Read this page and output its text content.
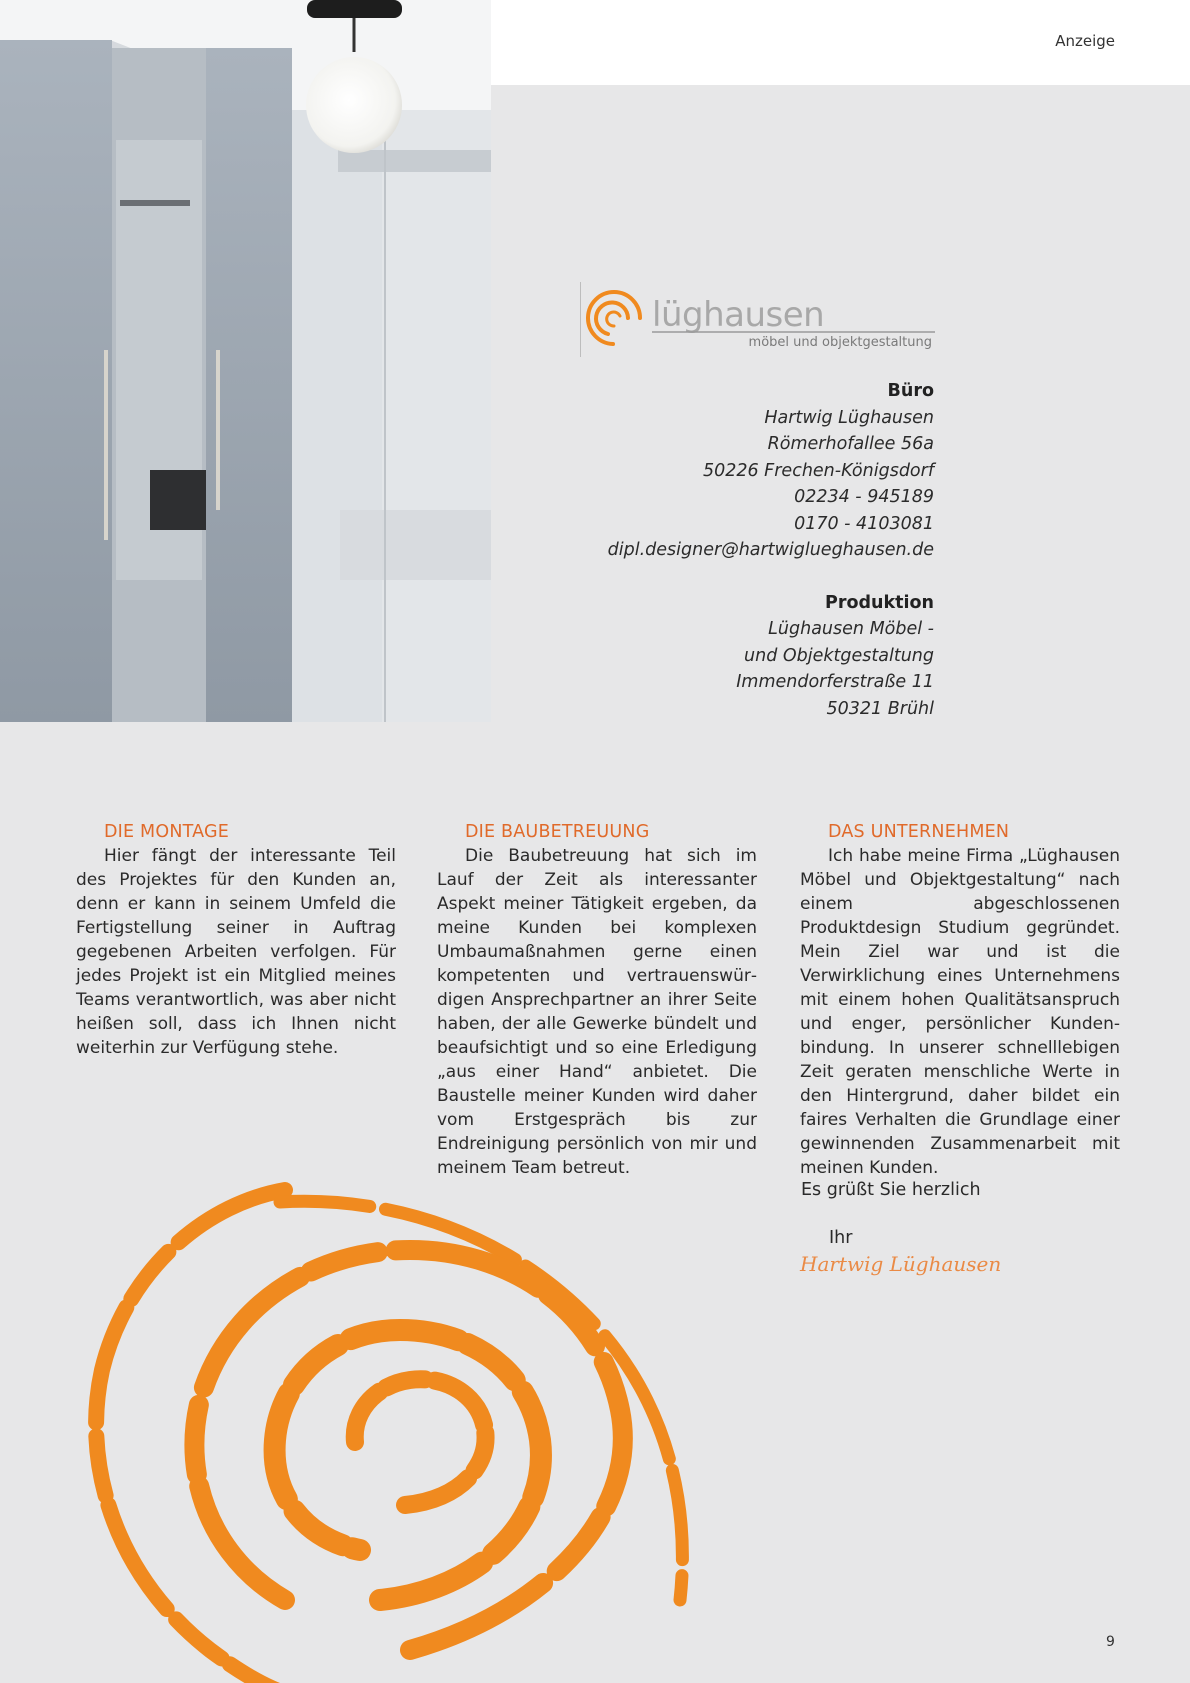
Anzeige
lüghausen
möbel und objektgestaltung
Büro
Hartwig Lüghausen
Römerhofallee 56a
50226 Frechen-Königsdorf
02234 - 945189
0170 - 4103081
dipl.designer@hartwiglueghausen.de
Produktion
Lüghausen Möbel -
und Objektgestaltung
Immendorferstraße 11
50321 Brühl
DIE MONTAGE

Hier fängt der interessante Teil des Projektes für den Kunden an, denn er kann in seinem Umfeld die Fertigstellung seiner in Auftrag gegebenen Arbeiten verfolgen. Für jedes Projekt ist ein Mitglied meines Teams verantwortlich, was aber nicht heißen soll, dass ich Ihnen nicht weiterhin zur Verfügung stehe.

DIE BAUBETREUUNG

Die Baubetreuung hat sich im Lauf der Zeit als interessanter Aspekt meiner Tätigkeit ergeben, da meine Kunden bei komplexen Umbaumaßnahmen gerne einen kompetenten und vertrauenswürdigen Ansprechpartner an ihrer Seite haben, der alle Gewerke bündelt und beaufsichtigt und so eine Erledigung „aus einer Hand“ anbietet. Die Baustelle meiner Kunden wird daher vom Erstgespräch bis zur Endreinigung persönlich von mir und meinem Team betreut.

DAS UNTERNEHMEN

Ich habe meine Firma „Lüghausen Möbel und Objektgestaltung“ nach einem abgeschlossenen Produktdesign Studium gegründet. Mein Ziel war und ist die Verwirklichung eines Unternehmens mit einem hohen Qualitätsanspruch und enger, persönlicher Kundenbindung. In unserer schnelllebigen Zeit geraten menschliche Werte in den Hintergrund, daher bildet ein faires Verhalten die Grundlage einer gewinnenden Zusammenarbeit mit meinen Kunden.

Es grüßt Sie herzlich
Ihr
Hartwig Lüghausen
9
